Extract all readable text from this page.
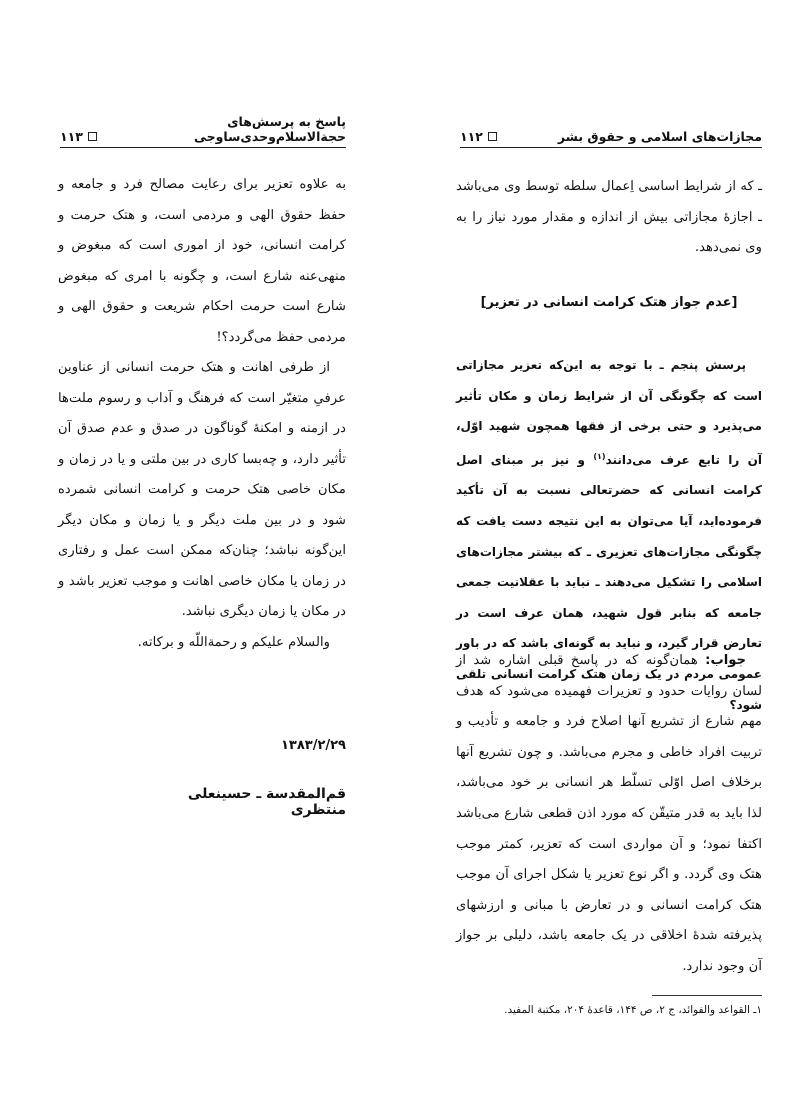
پاسخ به پرسش‌های حجةالاسلام‌و‌حدی‌ساوجی
۱۱۳

به علاوه تعزیر برای رعایت مصالح فرد و جامعه و حفظ حقوق الهی و مردمی است، و هتک حرمت و کرامت انسانی، خود از اموری است که مبغوض و منهی‌عنه شارع است، و چگونه با امری که مبغوض شارع است حرمت احکام شریعت و حقوق الهی و مردمی حفظ می‌گردد؟!

از طرفی اهانت و هتک حرمت انسانی از عناوین عرفیِ متغیّر است که فرهنگ و آداب و رسوم ملت‌ها در ازمنه و امکنهٔ گوناگون در صدق و عدم صدق آن تأثیر دارد، و چه‌بسا کاری در بین ملتی و یا در زمان و مکان خاصی هتک حرمت و کرامت انسانی شمرده شود و در بین ملت دیگر و یا زمان و مکان دیگر این‌گونه نباشد؛ چنان‌که ممکن است عمل و رفتاری در زمان یا مکان خاصی اهانت و موجب تعزیر باشد و در مکان یا زمان دیگری نباشد.

والسلام علیکم و رحمة‌اللّه و برکاته.

۱۳۸۳/۲/۲۹
قم‌المقدسة ـ حسینعلی منتظری
مجازات‌های اسلامی و حقوق بشر
۱۱۲

ـ که از شرایط اساسی اِعمال سلطه توسط وی می‌باشد ـ اجازهٔ مجازاتی بیش از اندازه و مقدار مورد نیاز را به وی نمی‌دهد.

[عدم جواز هتک کرامت انسانی در تعزیر]

پرسش پنجم ـ با توجه به این‌که تعزیر مجازاتی است که چگونگی آن از شرایط زمان و مکان تأثیر می‌پذیرد و حتی برخی از فقها همچون شهید اوّل، آن را تابع عرف می‌دانند$^{(۱)}$ و نیز بر مبنای اصل کرامت انسانی که حضرتعالی نسبت به آن تأکید فرموده‌اید، آیا می‌توان به این نتیجه دست یافت که چگونگی مجازات‌های تعزیری ـ که بیشتر مجازات‌های اسلامی را تشکیل می‌دهند ـ نباید با عقلانیت جمعی جامعه که بنابر قول شهید، همان عرف است در تعارض قرار گیرد، و نباید به گونه‌ای باشد که در باور عمومی مردم در یک زمان هتک کرامت انسانی تلقی شود؟

جواب: همان‌گونه که در پاسخ قبلی اشاره شد از لسان روایات حدود و تعزیرات فهمیده می‌شود که هدف مهم شارع از تشریع آنها اصلاح فرد و جامعه و تأدیب و تربیت افراد خاطی و مجرم می‌باشد. و چون تشریع آنها برخلاف اصل اوّلی تسلّط هر انسانی بر خود می‌باشد، لذا باید به قدر متیقّن که مورد اذن قطعی شارع می‌باشد اکتفا نمود؛ و آن مواردی است که تعزیر، کمتر موجب هتک وی گردد. و اگر نوع تعزیر یا شکل اجرای آن موجب هتک کرامت انسانی و در تعارض با مبانی و ارزشهای پذیرفته شدهٔ اخلاقی در یک جامعه باشد، دلیلی بر جواز آن وجود ندارد.

۱ـ القواعد والفوائد، ج ۲، ص ۱۴۴، قاعدهٔ ۲۰۴، مکتبة المفید.
